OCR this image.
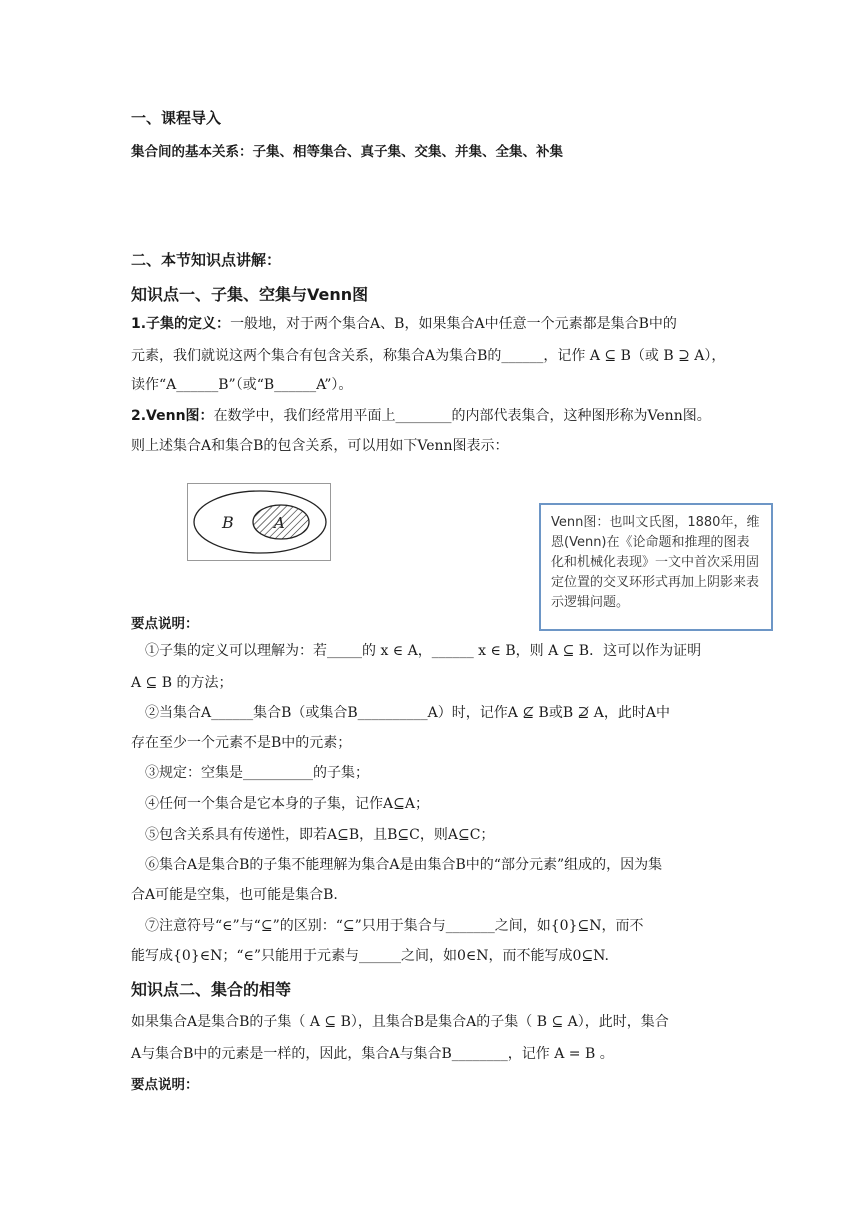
一、课程导入
集合间的基本关系：子集、相等集合、真子集、交集、并集、全集、补集
二、本节知识点讲解：
知识点一、子集、空集与Venn图
1.子集的定义：一般地，对于两个集合A、B，如果集合A中任意一个元素都是集合B中的
元素，我们就说这两个集合有包含关系，称集合A为集合B的______，记作 A ⊆ B（或 B ⊇ A），
读作“A______B”（或“B______A”）。
2.Venn图：在数学中，我们经常用平面上________的内部代表集合，这种图形称为Venn图。
则上述集合A和集合B的包含关系，可以用如下Venn图表示：
B	A	Venn图：也叫文氏图，1880年，维恩(Venn)在《论命题和推理的图表化和机械化表现》一文中首次采用固定位置的交叉环形式再加上阴影来表示逻辑问题。
要点说明：
①子集的定义可以理解为：若_____的 x ∈ A，______ x ∈ B，则 A ⊆ B．这可以作为证明
A ⊆ B 的方法；
②当集合A______集合B（或集合B__________A）时，记作A ⊈ B或B ⊉ A，此时A中
存在至少一个元素不是B中的元素；
③规定：空集是__________的子集；
④任何一个集合是它本身的子集，记作A⊆A；
⑤包含关系具有传递性，即若A⊆B，且B⊆C，则A⊆C；
⑥集合A是集合B的子集不能理解为集合A是由集合B中的“部分元素”组成的，因为集
合A可能是空集，也可能是集合B.
⑦注意符号“∈”与“⊆”的区别：“⊆”只用于集合与_______之间，如{0}⊆N，而不
能写成{0}∈N；“∈”只能用于元素与______之间，如0∈N，而不能写成0⊆N.
知识点二、集合的相等
如果集合A是集合B的子集（ A ⊆ B），且集合B是集合A的子集（ B ⊆ A），此时，集合
A与集合B中的元素是一样的，因此，集合A与集合B________，记作 A = B 。
要点说明：
